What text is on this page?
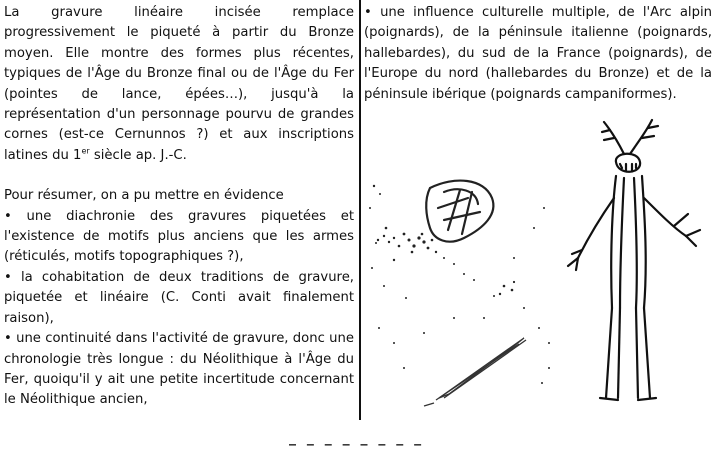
La gravure linéaire incisée remplace progressivement le piqueté à partir du Bronze moyen. Elle montre des formes plus récentes, typiques de l'Âge du Bronze final ou de l'Âge du Fer (pointes de lance, épées…), jusqu'à la représentation d'un personnage pourvu de grandes cornes (est-ce Cernunnos ?) et aux inscriptions latines du 1er siècle ap. J.-C.

Pour résumer, on a pu mettre en évidence

• une diachronie des gravures piquetées et l'existence de motifs plus anciens que les armes (réticulés, motifs topographiques ?),

• la cohabitation de deux traditions de gravure, piquetée et linéaire (C. Conti avait finalement raison),

• une continuité dans l'activité de gravure, donc une chronologie très longue : du Néolithique à l'Âge du Fer, quoiqu'il y ait une petite incertitude concernant le Néolithique ancien,

• une influence culturelle multiple, de l'Arc alpin (poignards), de la péninsule italienne (poignards, hallebardes), du sud de la France (poignards), de l'Europe du nord (hallebardes du Bronze) et de la péninsule ibérique (poignards campaniformes).

_ _ _ _ _ _ _ _
